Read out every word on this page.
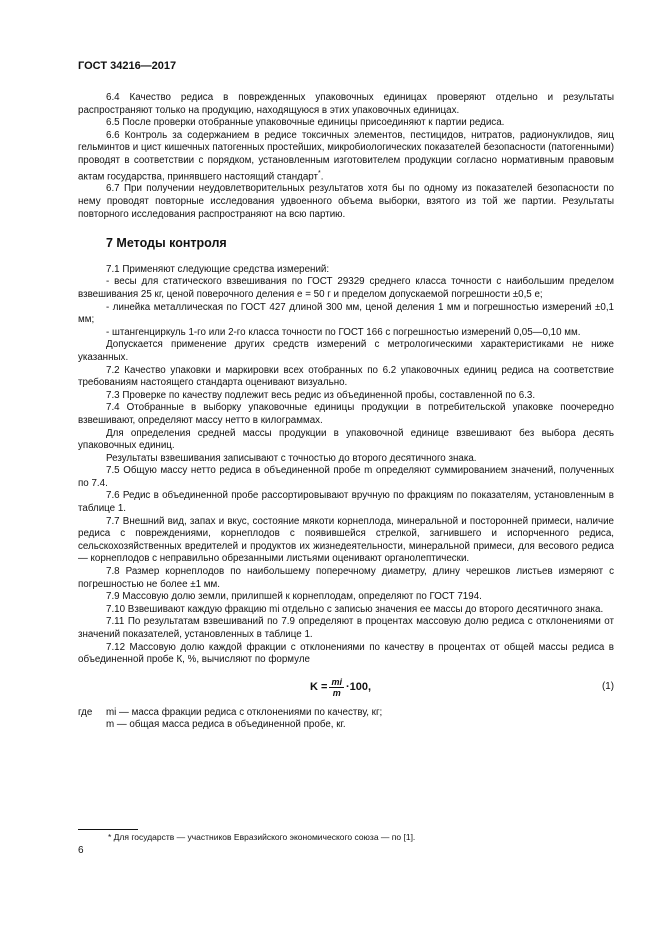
ГОСТ 34216—2017

6.4 Качество редиса в поврежденных упаковочных единицах проверяют отдельно и результаты распространяют только на продукцию, находящуюся в этих упаковочных единицах.

6.5 После проверки отобранные упаковочные единицы присоединяют к партии редиса.

6.6 Контроль за содержанием в редисе токсичных элементов, пестицидов, нитратов, радионуклидов, яиц гельминтов и цист кишечных патогенных простейших, микробиологических показателей безопасности (патогенными) проводят в соответствии с порядком, установленным изготовителем продукции согласно нормативным правовым актам государства, принявшего настоящий стандарт*.

6.7 При получении неудовлетворительных результатов хотя бы по одному из показателей безопасности по нему проводят повторные исследования удвоенного объема выборки, взятого из той же партии. Результаты повторного исследования распространяют на всю партию.

7 Методы контроля

7.1 Применяют следующие средства измерений:

- весы для статического взвешивания по ГОСТ 29329 среднего класса точности с наибольшим пределом взвешивания 25 кг, ценой поверочного деления e = 50 г и пределом допускаемой погрешности ±0,5 e;

- линейка металлическая по ГОСТ 427 длиной 300 мм, ценой деления 1 мм и погрешностью измерений ±0,1 мм;

- штангенциркуль 1-го или 2-го класса точности по ГОСТ 166 с погрешностью измерений 0,05—0,10 мм.

Допускается применение других средств измерений с метрологическими характеристиками не ниже указанных.

7.2 Качество упаковки и маркировки всех отобранных по 6.2 упаковочных единиц редиса на соответствие требованиям настоящего стандарта оценивают визуально.

7.3 Проверке по качеству подлежит весь редис из объединенной пробы, составленной по 6.3.

7.4 Отобранные в выборку упаковочные единицы продукции в потребительской упаковке поочередно взвешивают, определяют массу нетто в килограммах.

Для определения средней массы продукции в упаковочной единице взвешивают без выбора десять упаковочных единиц.

Результаты взвешивания записывают с точностью до второго десятичного знака.

7.5 Общую массу нетто редиса в объединенной пробе m определяют суммированием значений, полученных по 7.4.

7.6 Редис в объединенной пробе рассортировывают вручную по фракциям по показателям, установленным в таблице 1.

7.7 Внешний вид, запах и вкус, состояние мякоти корнеплода, минеральной и посторонней примеси, наличие редиса с повреждениями, корнеплодов с появившейся стрелкой, загнившего и испорченного редиса, сельскохозяйственных вредителей и продуктов их жизнедеятельности, минеральной примеси, для весового редиса — корнеплодов с неправильно обрезанными листьями оценивают органолептически.

7.8 Размер корнеплодов по наибольшему поперечному диаметру, длину черешков листьев измеряют с погрешностью не более ±1 мм.

7.9 Массовую долю земли, прилипшей к корнеплодам, определяют по ГОСТ 7194.

7.10 Взвешивают каждую фракцию mi отдельно с записью значения ее массы до второго десятичного знака.

7.11 По результатам взвешиваний по 7.9 определяют в процентах массовую долю редиса с отклонениями от значений показателей, установленных в таблице 1.

7.12 Массовую долю каждой фракции с отклонениями по качеству в процентах от общей массы редиса в объединенной пробе К, %, вычисляют по формуле

$K = \frac{mi}{m} \cdot 100$,	(1)
где	mi — масса фракции редиса с отклонениями по качеству, кг;
m — общая масса редиса в объединенной пробе, кг.
* Для государств — участников Евразийского экономического союза — по [1].
6
